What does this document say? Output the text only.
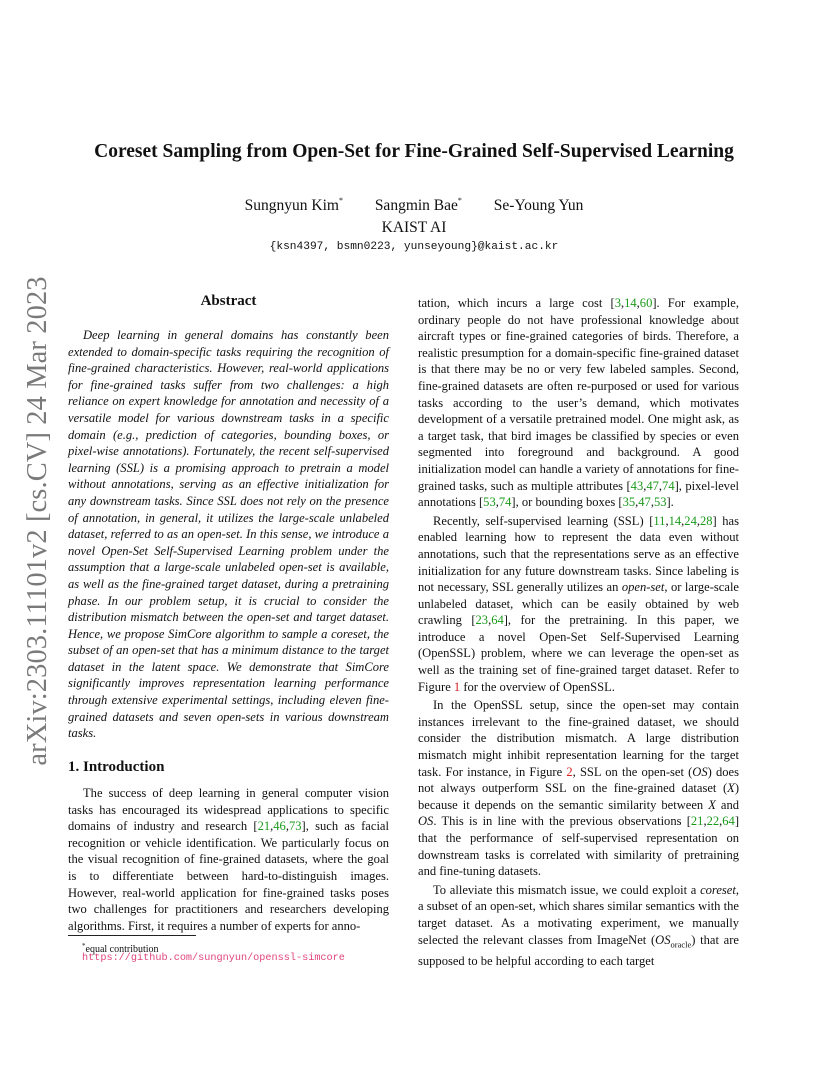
arXiv:2303.11101v2 [cs.CV] 24 Mar 2023
Coreset Sampling from Open-Set for Fine-Grained Self-Supervised Learning
Sungnyun Kim* Sangmin Bae* Se-Young Yun
KAIST AI
{ksn4397, bsmn0223, yunseyoung}@kaist.ac.kr
Abstract
Deep learning in general domains has constantly been extended to domain-specific tasks requiring the recognition of fine-grained characteristics. However, real-world applications for fine-grained tasks suffer from two challenges: a high reliance on expert knowledge for annotation and necessity of a versatile model for various downstream tasks in a specific domain (e.g., prediction of categories, bounding boxes, or pixel-wise annotations). Fortunately, the recent self-supervised learning (SSL) is a promising approach to pretrain a model without annotations, serving as an effective initialization for any downstream tasks. Since SSL does not rely on the presence of annotation, in general, it utilizes the large-scale unlabeled dataset, referred to as an open-set. In this sense, we introduce a novel Open-Set Self-Supervised Learning problem under the assumption that a large-scale unlabeled open-set is available, as well as the fine-grained target dataset, during a pretraining phase. In our problem setup, it is crucial to consider the distribution mismatch between the open-set and target dataset. Hence, we propose SimCore algorithm to sample a coreset, the subset of an open-set that has a minimum distance to the target dataset in the latent space. We demonstrate that SimCore significantly improves representation learning performance through extensive experimental settings, including eleven fine-grained datasets and seven open-sets in various downstream tasks.
1. Introduction

The success of deep learning in general computer vision tasks has encouraged its widespread applications to specific domains of industry and research [21,46,73], such as facial recognition or vehicle identification. We particularly focus on the visual recognition of fine-grained datasets, where the goal is to differentiate between hard-to-distinguish images. However, real-world application for fine-grained tasks poses two challenges for practitioners and researchers developing algorithms. First, it requires a number of experts for anno-

tation, which incurs a large cost [3,14,60]. For example, ordinary people do not have professional knowledge about aircraft types or fine-grained categories of birds. Therefore, a realistic presumption for a domain-specific fine-grained dataset is that there may be no or very few labeled samples. Second, fine-grained datasets are often re-purposed or used for various tasks according to the user’s demand, which motivates development of a versatile pretrained model. One might ask, as a target task, that bird images be classified by species or even segmented into foreground and background. A good initialization model can handle a variety of annotations for fine-grained tasks, such as multiple attributes [43,47,74], pixel-level annotations [53,74], or bounding boxes [35,47,53].

Recently, self-supervised learning (SSL) [11,14,24,28] has enabled learning how to represent the data even without annotations, such that the representations serve as an effective initialization for any future downstream tasks. Since labeling is not necessary, SSL generally utilizes an open-set, or large-scale unlabeled dataset, which can be easily obtained by web crawling [23,64], for the pretraining. In this paper, we introduce a novel Open-Set Self-Supervised Learning (OpenSSL) problem, where we can leverage the open-set as well as the training set of fine-grained target dataset. Refer to Figure 1 for the overview of OpenSSL.

In the OpenSSL setup, since the open-set may contain instances irrelevant to the fine-grained dataset, we should consider the distribution mismatch. A large distribution mismatch might inhibit representation learning for the target task. For instance, in Figure 2, SSL on the open-set (OS) does not always outperform SSL on the fine-grained dataset (X) because it depends on the semantic similarity between X and OS. This is in line with the previous observations [21,22,64] that the performance of self-supervised representation on downstream tasks is correlated with similarity of pretraining and fine-tuning datasets.

To alleviate this mismatch issue, we could exploit a coreset, a subset of an open-set, which shares similar semantics with the target dataset. As a motivating experiment, we manually selected the relevant classes from ImageNet $(OS_{oracle})$ that are supposed to be helpful according to each target

*equal contribution
https://github.com/sungnyun/openssl-simcore
